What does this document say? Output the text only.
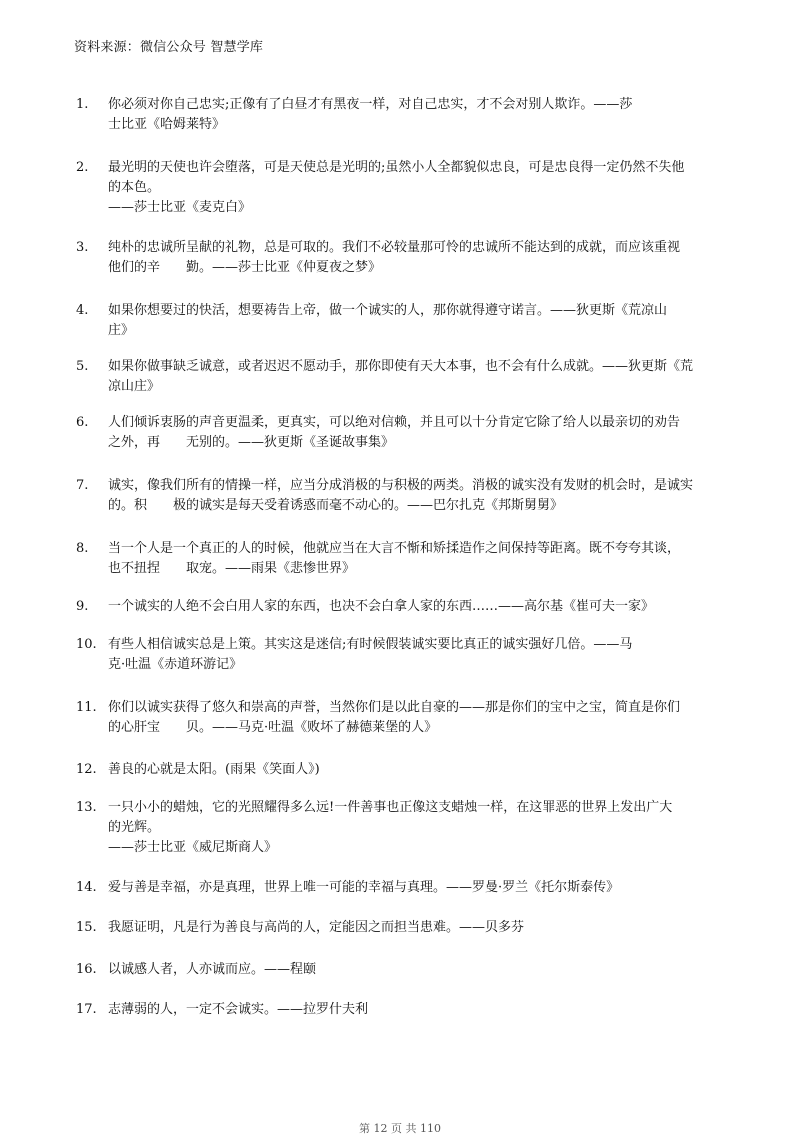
资料来源：微信公众号 智慧学库
1.	你必须对你自己忠实;正像有了白昼才有黑夜一样，对自己忠实，才不会对别人欺诈。——莎
士比亚《哈姆莱特》
2.	最光明的天使也许会堕落，可是天使总是光明的;虽然小人全都貌似忠良，可是忠良得一定仍然不失他
的本色。
——莎士比亚《麦克白》
3.	纯朴的忠诚所呈献的礼物，总是可取的。我们不必较量那可怜的忠诚所不能达到的成就，而应该重视
他们的辛　　勤。——莎士比亚《仲夏夜之梦》
4.	如果你想要过的快活，想要祷告上帝，做一个诚实的人，那你就得遵守诺言。——狄更斯《荒凉山
庄》
5.	如果你做事缺乏诚意，或者迟迟不愿动手，那你即使有天大本事，也不会有什么成就。——狄更斯《荒
凉山庄》
6.	人们倾诉衷肠的声音更温柔，更真实，可以绝对信赖，并且可以十分肯定它除了给人以最亲切的劝告
之外，再　　无别的。——狄更斯《圣诞故事集》
7.	诚实，像我们所有的情操一样，应当分成消极的与积极的两类。消极的诚实没有发财的机会时，是诚实
的。积　　极的诚实是每天受着诱惑而毫不动心的。——巴尔扎克《邦斯舅舅》
8.	当一个人是一个真正的人的时候，他就应当在大言不惭和矫揉造作之间保持等距离。既不夸夸其谈，
也不扭捏　　取宠。——雨果《悲惨世界》
9.	一个诚实的人绝不会白用人家的东西，也决不会白拿人家的东西……——高尔基《崔可夫一家》
10. 有些人相信诚实总是上策。其实这是迷信;有时候假装诚实要比真正的诚实强好几倍。——马
克·吐温《赤道环游记》
11. 你们以诚实获得了悠久和崇高的声誉，当然你们是以此自豪的——那是你们的宝中之宝，简直是你们
的心肝宝　　贝。——马克·吐温《败坏了赫德莱堡的人》
12. 善良的心就是太阳。(雨果《笑面人》)
13. 一只小小的蜡烛，它的光照耀得多么远!一件善事也正像这支蜡烛一样，在这罪恶的世界上发出广大
的光辉。
——莎士比亚《威尼斯商人》
14. 爱与善是幸福，亦是真理，世界上唯一可能的幸福与真理。——罗曼·罗兰《托尔斯泰传》
15. 我愿证明，凡是行为善良与高尚的人，定能因之而担当患难。——贝多芬
16. 以诚感人者，人亦诚而应。——程颐
17. 志薄弱的人，一定不会诚实。——拉罗什夫利
第 12 页 共 110
